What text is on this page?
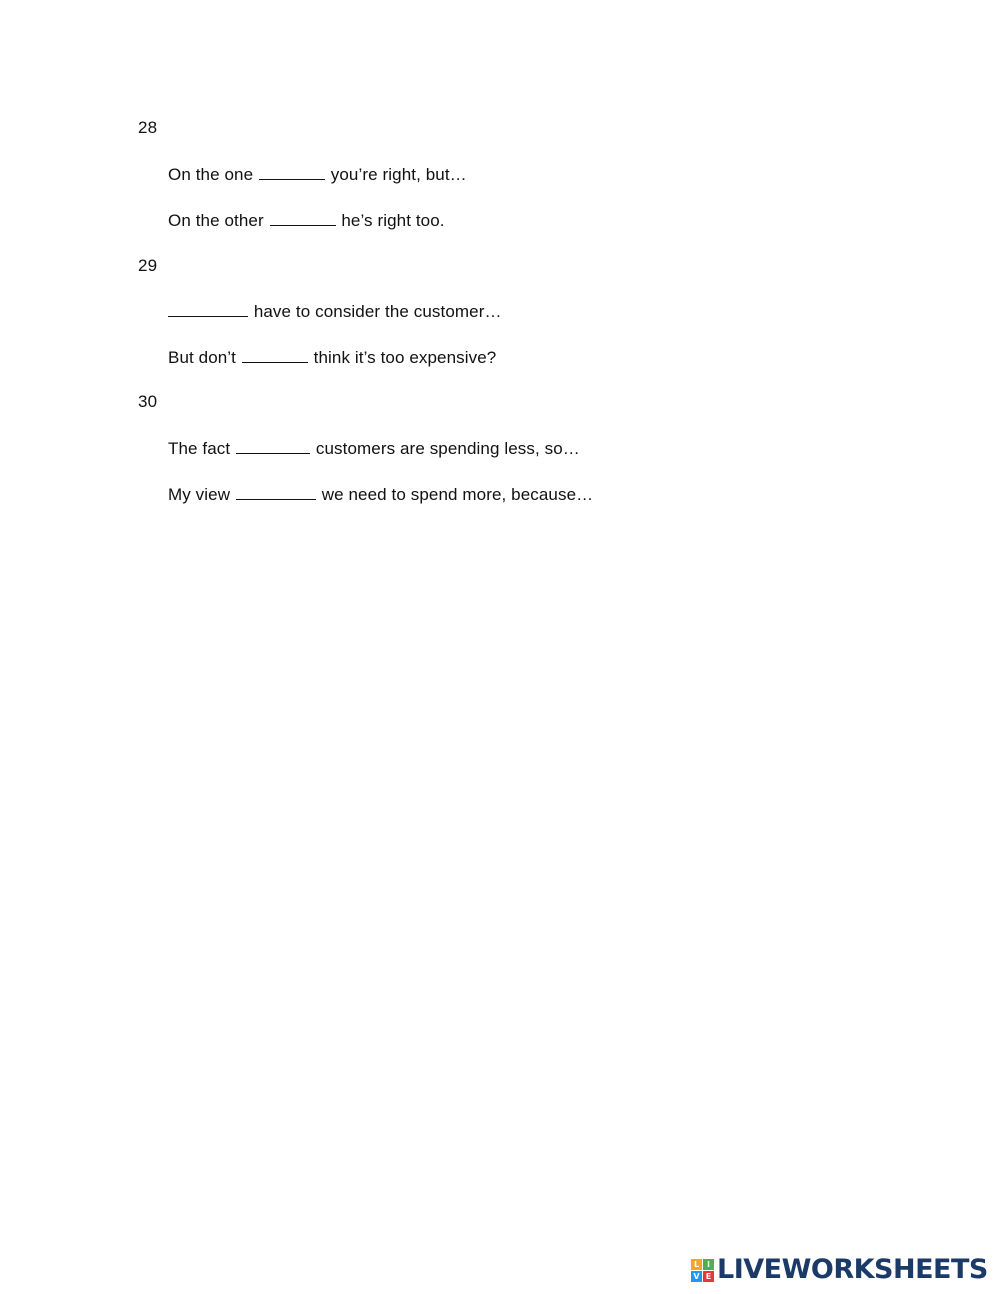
28
On the one	you’re right, but…
On the other	he’s right too.
29
have to consider the customer…
But don’t	think it’s too expensive?
30
The fact	customers are spending less, so…
My view	we need to spend more, because…
L I
V E LIVEWORKSHEETS
